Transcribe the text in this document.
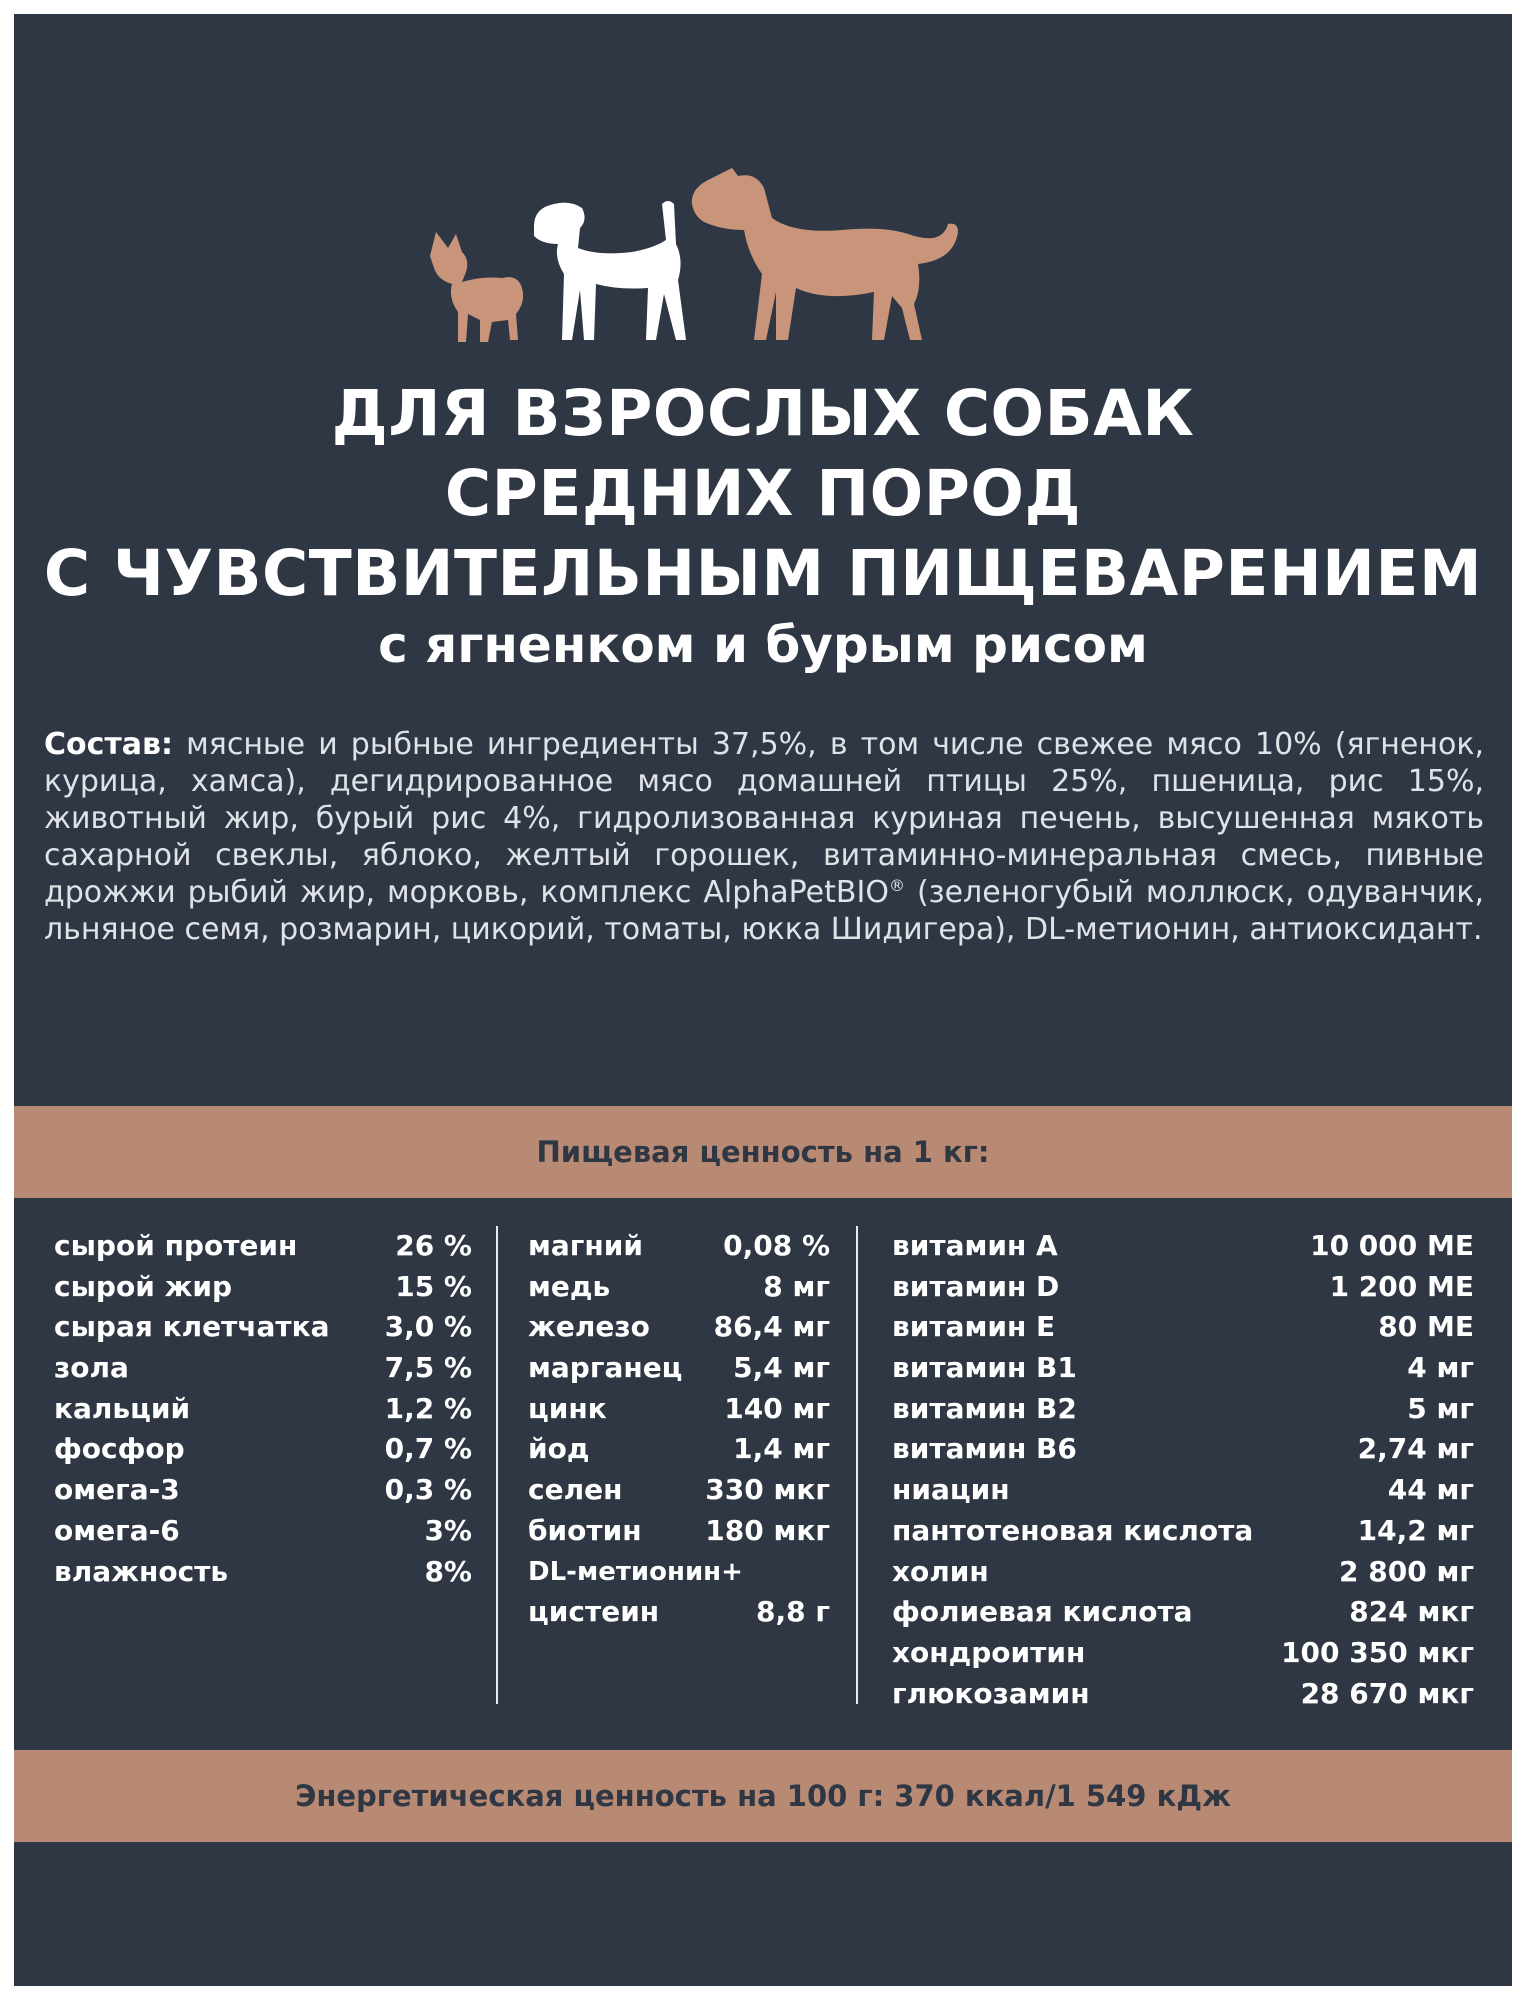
ДЛЯ ВЗРОСЛЫХ СОБАК
СРЕДНИХ ПОРОД
С ЧУВСТВИТЕЛЬНЫМ ПИЩЕВАРЕНИЕМ
с ягненком и бурым рисом
Состав: мясные и рыбные ингредиенты 37,5%, в том числе свежее мясо 10% (ягненок, курица, хамса), дегидрированное мясо домашней птицы 25%, пшеница, рис 15%, животный жир, бурый рис 4%, гидролизованная куриная печень, высушенная мякоть сахарной свеклы, яблоко, желтый горошек, витаминно-минеральная смесь, пивные дрожжи рыбий жир, морковь, комплекс AlphaPetBIO® (зеленогубый моллюск, одуванчик, льняное семя, розмарин, цикорий, томаты, юкка Шидигера), DL-метионин, антиоксидант.
Пищевая ценность на 1 кг:
сырой протеин	26 %
сырой жир	15 %
сырая клетчатка 3,0 %
зола	7,5 %
кальций	1,2 %
фосфор	0,7 %
омега-3	0,3 %
омега-6	3%
влажность	8%
магний	0,08 %
медь	8 мг
железо 86,4 мг
марганец 5,4 мг
цинк	140 мг
йод	1,4 мг
селен	330 мкг
биотин 180 мкг
DL-метионин+
цистеин	8,8 г
витамин А	10 000 МЕ
витамин D	1 200 МЕ
витамин Е	80 МЕ
витамин В1	4 мг
витамин В2	5 мг
витамин В6	2,74 мг
ниацин	44 мг
пантотеновая кислота	14,2 мг
холин	2 800 мг
фолиевая кислота	824 мкг
хондроитин	100 350 мкг
глюкозамин	28 670 мкг
Энергетическая ценность на 100 г: 370 ккал/1 549 кДж
